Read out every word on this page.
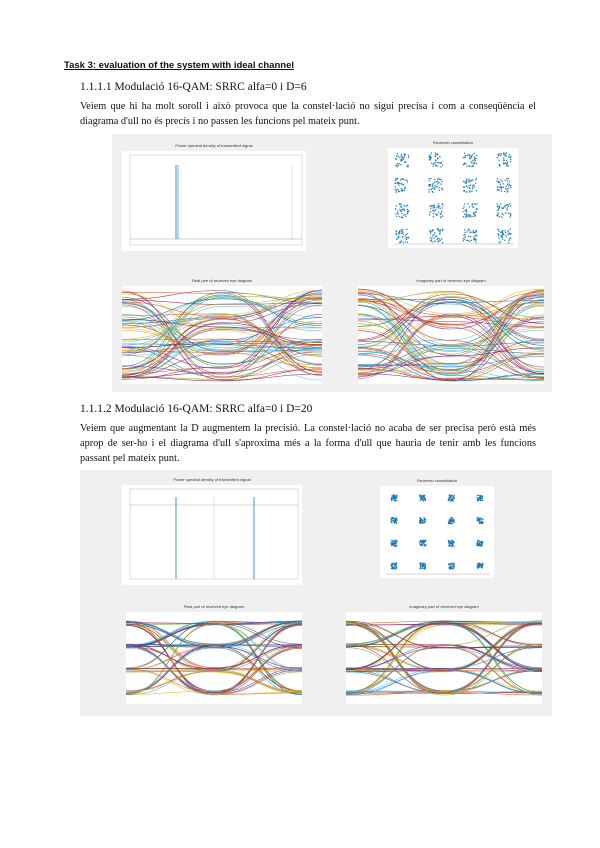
Task 3: evaluation of the system with ideal channel
1.1.1.1 Modulació 16-QAM: SRRC alfa=0 i D=6
Veiem que hi ha molt soroll i això provoca que la constel·lació no sigui precisa i com a conseqüència el diagrama d'ull no és precís i no passen les funcions pel mateix punt.
Power spectral density of transmitted signal
Received constellation
Real part of received eye diagram	Imaginary part of received eye diagram
1.1.1.2 Modulació 16-QAM: SRRC alfa=0 i D=20
Veiem que augmentant la D augmentem la precisió. La constel·lació no acaba de ser precisa però està més aprop de ser-ho i el diagrama d'ull s'aproxima més a la forma d'ull que hauria de tenir amb les funcions passant pel mateix punt.
Power spectral density of transmitted signal	Received constellation
Real part of received eye diagram	Imaginary part of received eye diagram
